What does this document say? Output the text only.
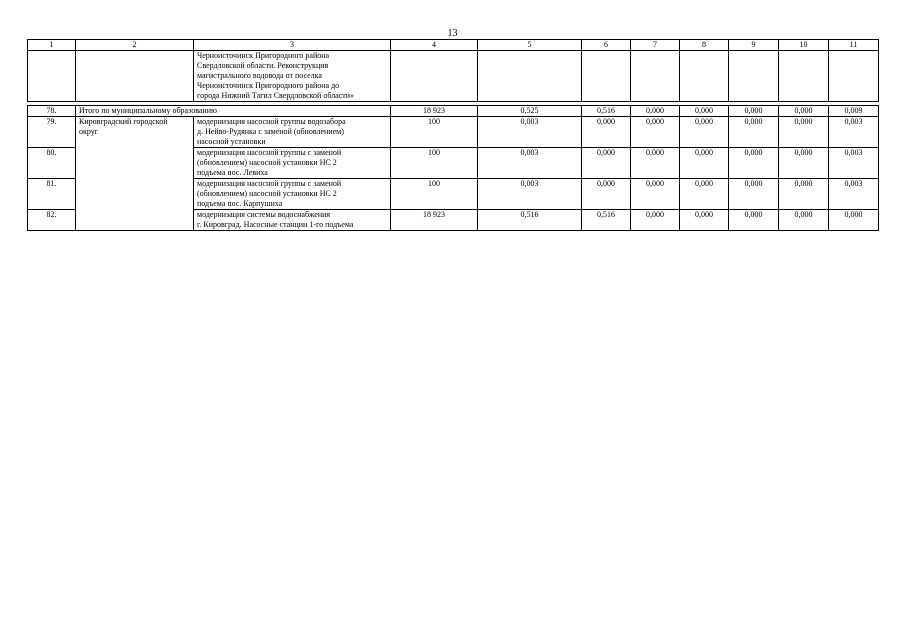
13
1	2	3	4	5	6	7	8	9	10	11

		Черноисточинск Пригородного района
Свердловской области. Реконструкция
магистрального водовода от поселка
Черноисточинск Пригородного района до
города Нижний Тагил Свердловской области»								

78.	Итого по муниципальному образованию		18 923	0,525	0,516	0,000	0,000	0,000	0,000	0,009
79.	Кировградский городской
округ	модернизация насосной группы водозабора
д. Нейво-Рудянка с заменой (обновлением)
насосной установки	100	0,003	0,000	0,000	0,000	0,000	0,000	0,003
80.		модернизация насосной группы с заменой
(обновлением) насосной установки НС 2
подъема пос. Левиха	100	0,003	0,000	0,000	0,000	0,000	0,000	0,003
81.		модернизация насосной группы с заменой
(обновлением) насосной установки НС 2
подъема пос. Карпушиха	100	0,003	0,000	0,000	0,000	0,000	0,000	0,003
82.		модернизация системы водоснабжения
г. Кировград. Насосные станции 1-го подъема	18 923	0,516	0,516	0,000	0,000	0,000	0,000	0,000
